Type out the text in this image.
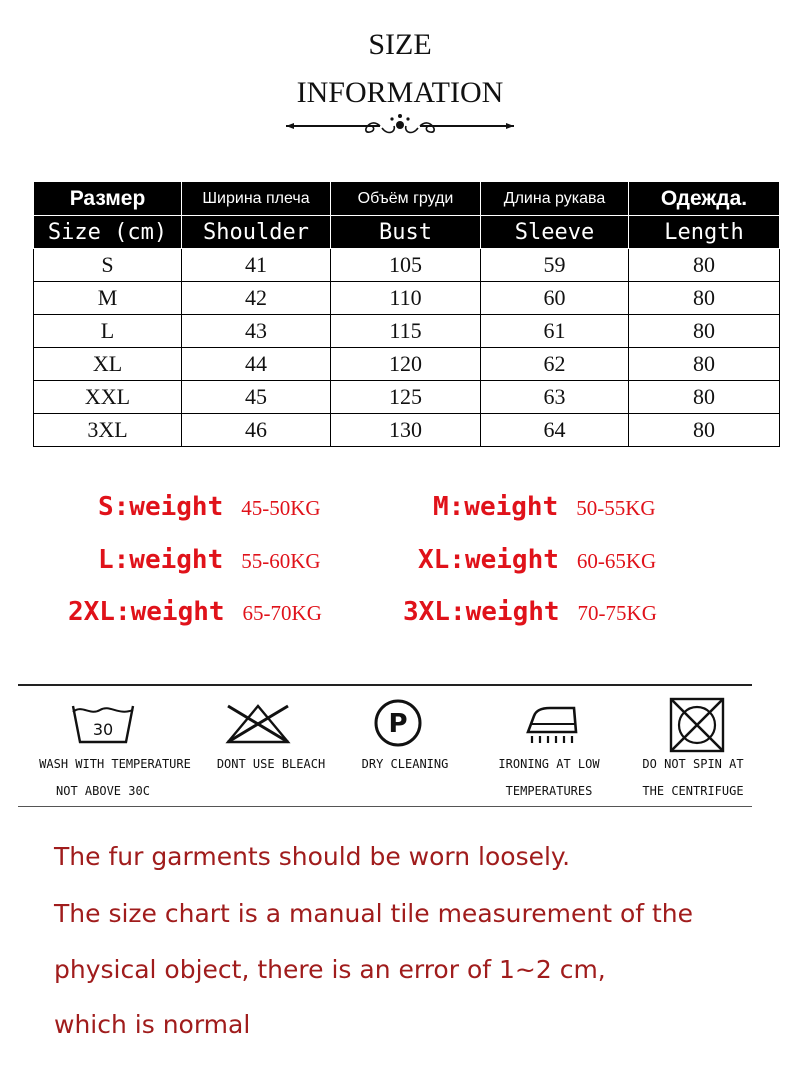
SIZE
INFORMATION
Размер	Ширина плеча	Объём груди	Длина рукава	Одежда.
Size (cm)	Shoulder	Bust	Sleeve	Length
S	41	105	59	80
M	42	110	60	80
L	43	115	61	80
XL	44	120	62	80
XXL	45	125	63	80
3XL	46	130	64	80
S:weight 45-50KG	M:weight 50-55KG
L:weight 55-60KG	XL:weight 60-65KG
2XL:weight 65-70KG	3XL:weight 70-75KG
30	P
WASH WITH TEMPERATURE
NOT ABOVE 30C
DONT USE BLEACH	DRY CLEANING	IRONING AT LOW
TEMPERATURES
DO NOT SPIN AT
THE CENTRIFUGE
The fur garments should be worn loosely.
The size chart is a manual tile measurement of the
physical object, there is an error of 1~2 cm,
which is normal
